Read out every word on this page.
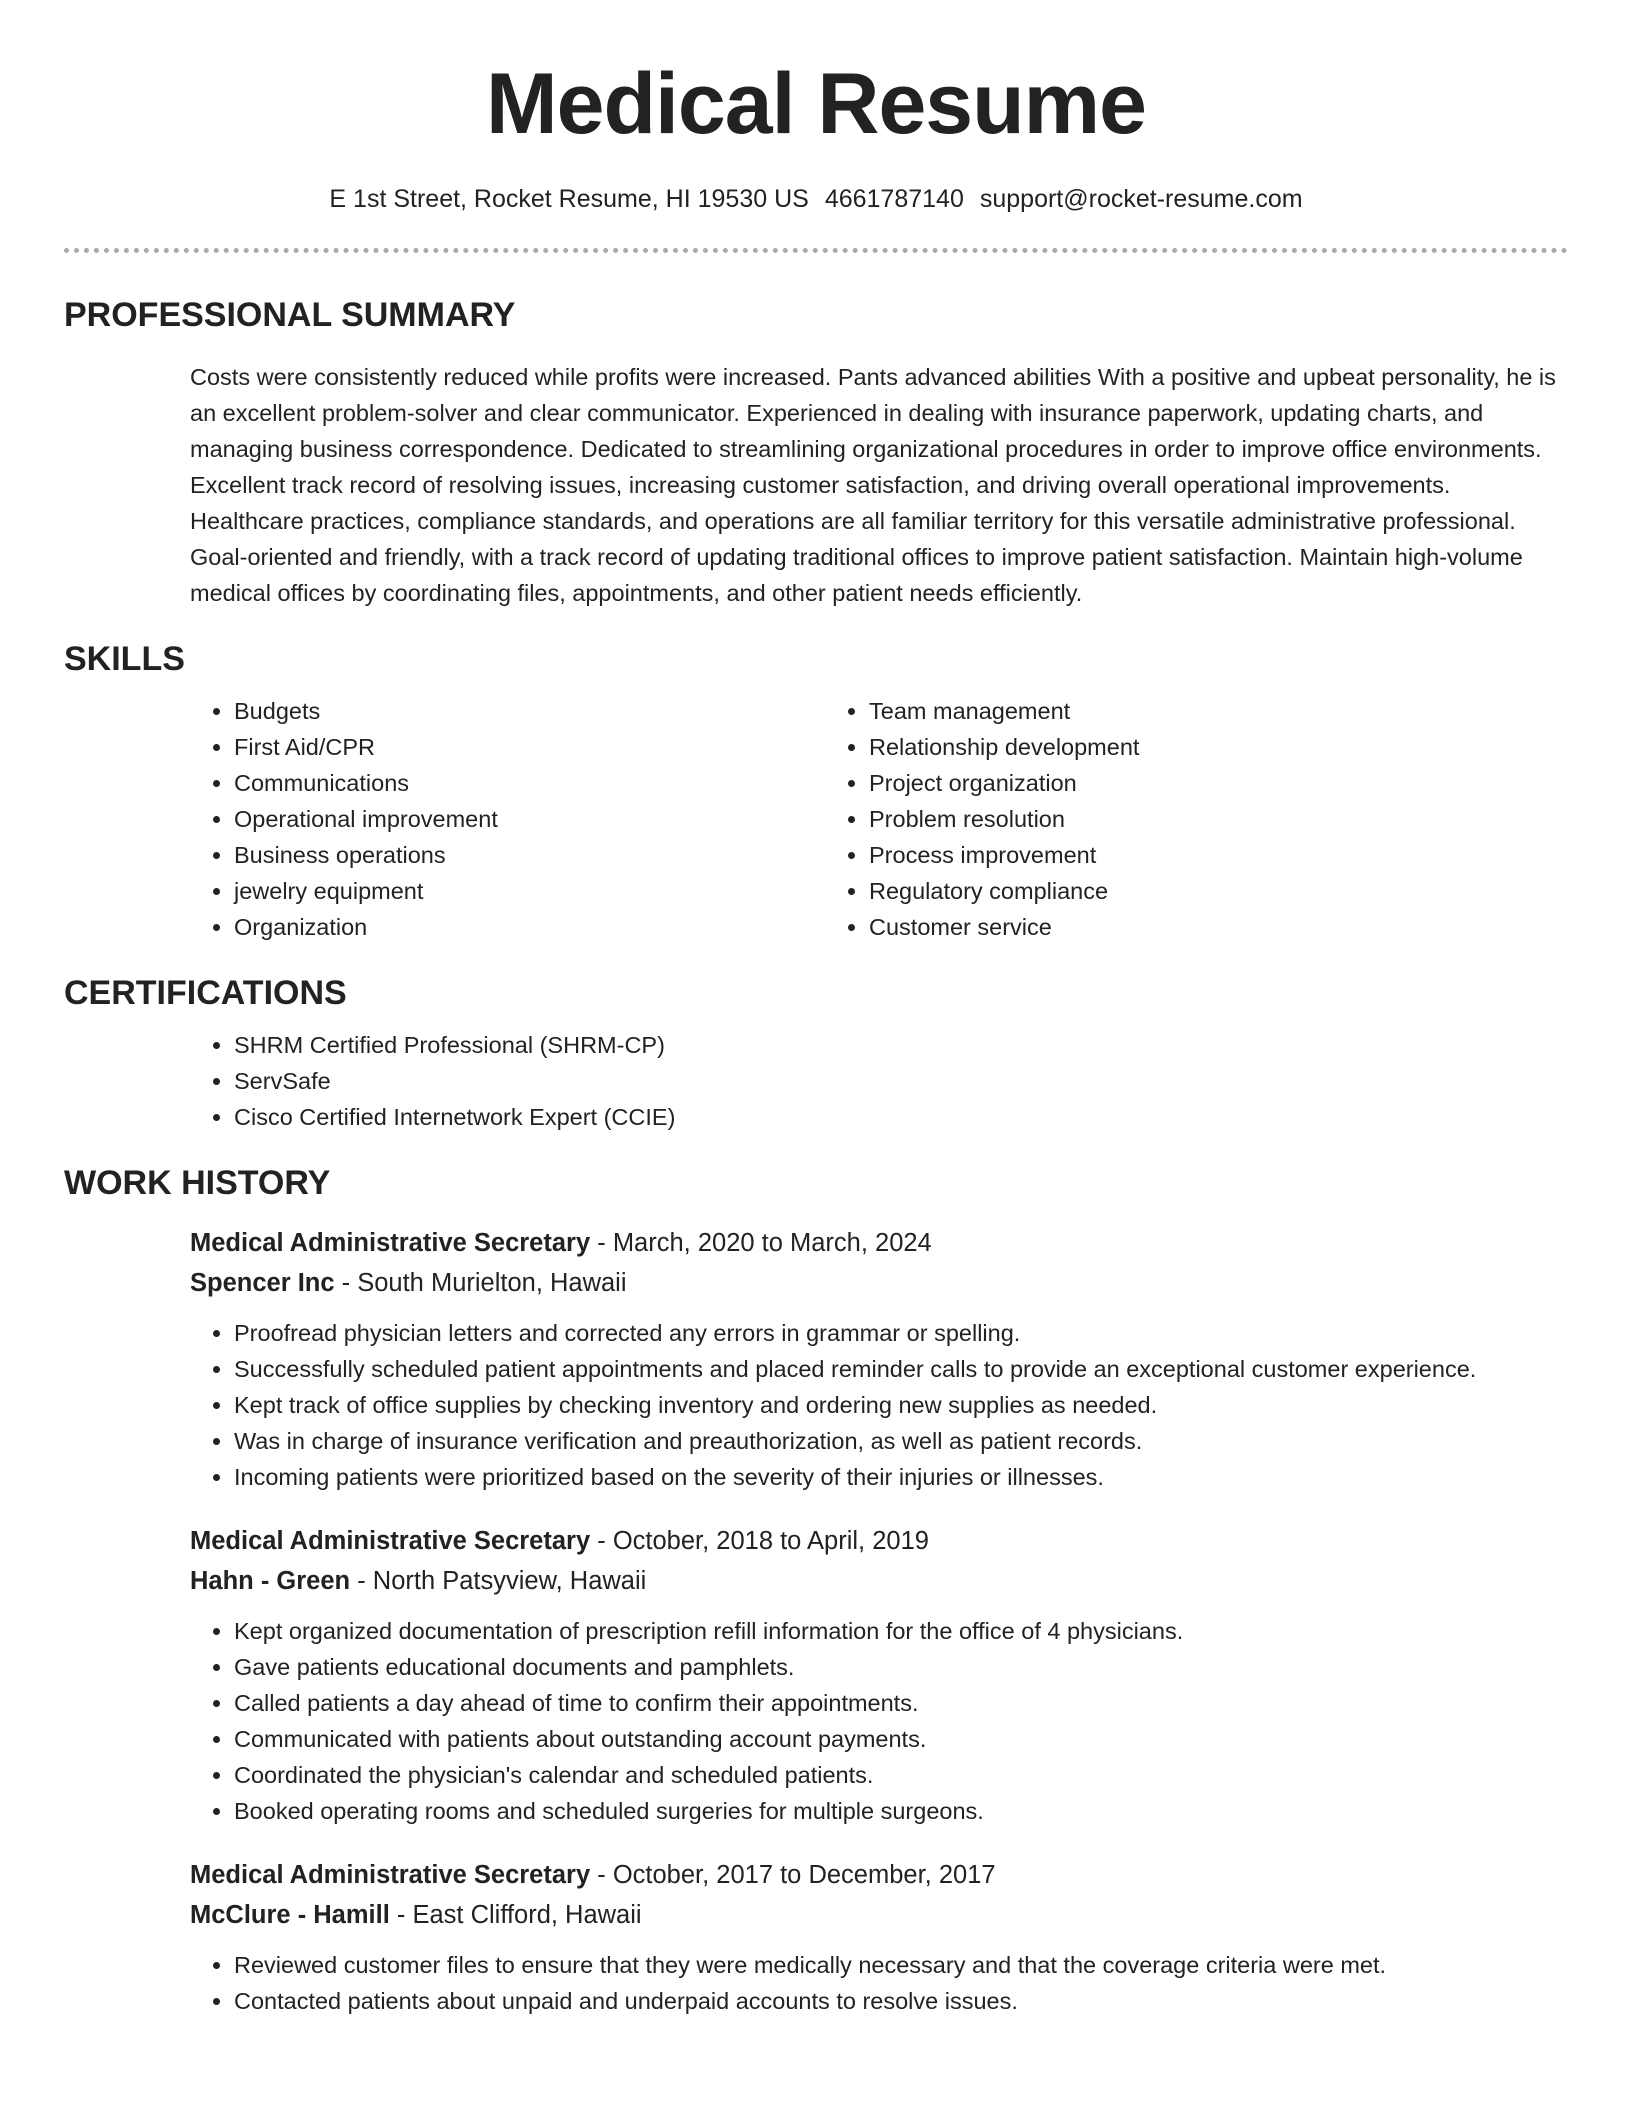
Medical Resume
E 1st Street, Rocket Resume, HI 19530 US 4661787140 support@rocket-resume.com
PROFESSIONAL SUMMARY

Costs were consistently reduced while profits were increased. Pants advanced abilities With a positive and upbeat personality, he is an excellent problem-solver and clear communicator. Experienced in dealing with insurance paperwork, updating charts, and managing business correspondence. Dedicated to streamlining organizational procedures in order to improve office environments. Excellent track record of resolving issues, increasing customer satisfaction, and driving overall operational improvements. Healthcare practices, compliance standards, and operations are all familiar territory for this versatile administrative professional. Goal-oriented and friendly, with a track record of updating traditional offices to improve patient satisfaction. Maintain high-volume medical offices by coordinating files, appointments, and other patient needs efficiently.

SKILLS
• Budgets
• First Aid/CPR
• Communications
• Operational improvement
• Business operations
• jewelry equipment
• Organization
• Team management
• Relationship development
• Project organization
• Problem resolution
• Process improvement
• Regulatory compliance
• Customer service
CERTIFICATIONS
• SHRM Certified Professional (SHRM-CP)
• ServSafe
• Cisco Certified Internetwork Expert (CCIE)
WORK HISTORY
Medical Administrative Secretary - March, 2020 to March, 2024
Spencer Inc - South Murielton, Hawaii
• Proofread physician letters and corrected any errors in grammar or spelling.
• Successfully scheduled patient appointments and placed reminder calls to provide an exceptional customer experience.
• Kept track of office supplies by checking inventory and ordering new supplies as needed.
• Was in charge of insurance verification and preauthorization, as well as patient records.
• Incoming patients were prioritized based on the severity of their injuries or illnesses.
Medical Administrative Secretary - October, 2018 to April, 2019
Hahn - Green - North Patsyview, Hawaii
• Kept organized documentation of prescription refill information for the office of 4 physicians.
• Gave patients educational documents and pamphlets.
• Called patients a day ahead of time to confirm their appointments.
• Communicated with patients about outstanding account payments.
• Coordinated the physician's calendar and scheduled patients.
• Booked operating rooms and scheduled surgeries for multiple surgeons.
Medical Administrative Secretary - October, 2017 to December, 2017
McClure - Hamill - East Clifford, Hawaii
• Reviewed customer files to ensure that they were medically necessary and that the coverage criteria were met.
• Contacted patients about unpaid and underpaid accounts to resolve issues.
